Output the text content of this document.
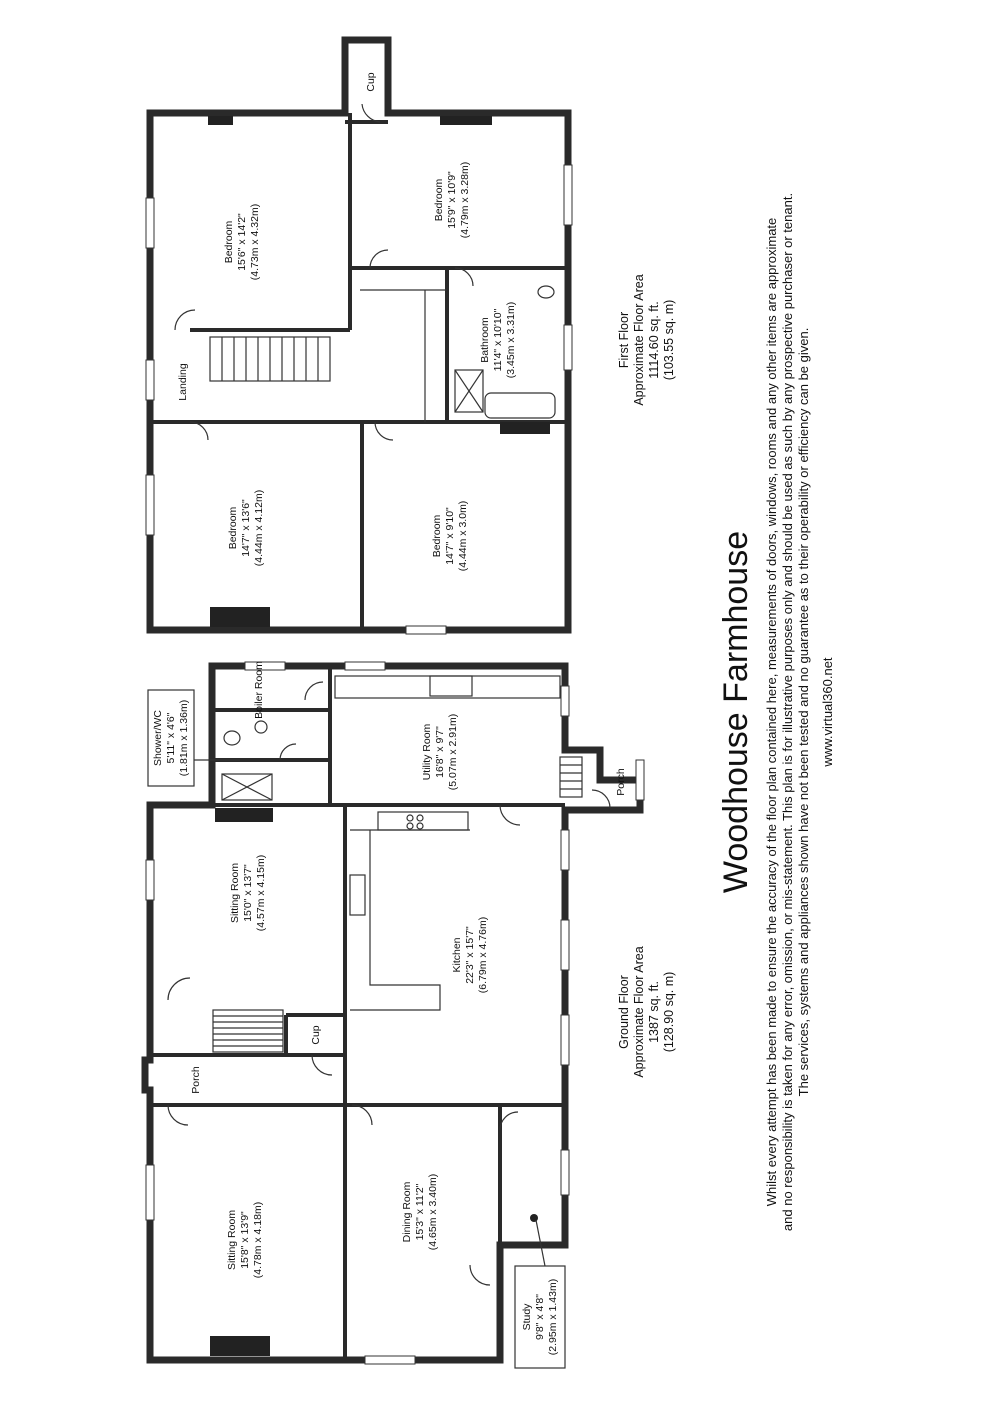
Bedroom 15'6" x 14'2" (4.73m x 4.32m)
Bedroom 15'9" x 10'9" (4.79m x 3.28m)
Cup
Landing
Bathroom 11'4" x 10'10" (3.45m x 3.31m)
Bedroom 14'7" x 13'6" (4.44m x 4.12m)	Bedroom 14'7" x 9'10" (4.44m x 3.0m)
First Floor Approximate Floor Area 1114.60 sq. ft. (103.55 sq. m)
Shower/WC 5'11" x 4'6" (1.81m x 1.36m)
Boiler Room
Utility Room 16'8" x 9'7" (5.07m x 2.91m)	Porch
Sitting Room 15'0" x 13'7" (4.57m x 4.15m)
Kitchen 22'3" x 15'7" (6.79m x 4.76m)
Cup
Porch
Sitting Room 15'8" x 13'9" (4.78m x 4.18m)	Dining Room 15'3" x 11'2" (4.65m x 3.40m)
Study 9'8" x 4'8" (2.95m x 1.43m)
Ground Floor Approximate Floor Area 1387 sq. ft. (128.90 sq. m)
Woodhouse Farmhouse Whilst every attempt has been made to ensure the accuracy of the floor plan contained here, measurements of doors, windows, rooms and any other items are approximate and no responsibility is taken for any error, omission, or mis-statement. This plan is for illustrative purposes only and should be used as such by any prospective purchaser or tenant. The services, systems and appliances shown have not been tested and no guarantee as to their operability or efficiency can be given. www.virtual360.net
